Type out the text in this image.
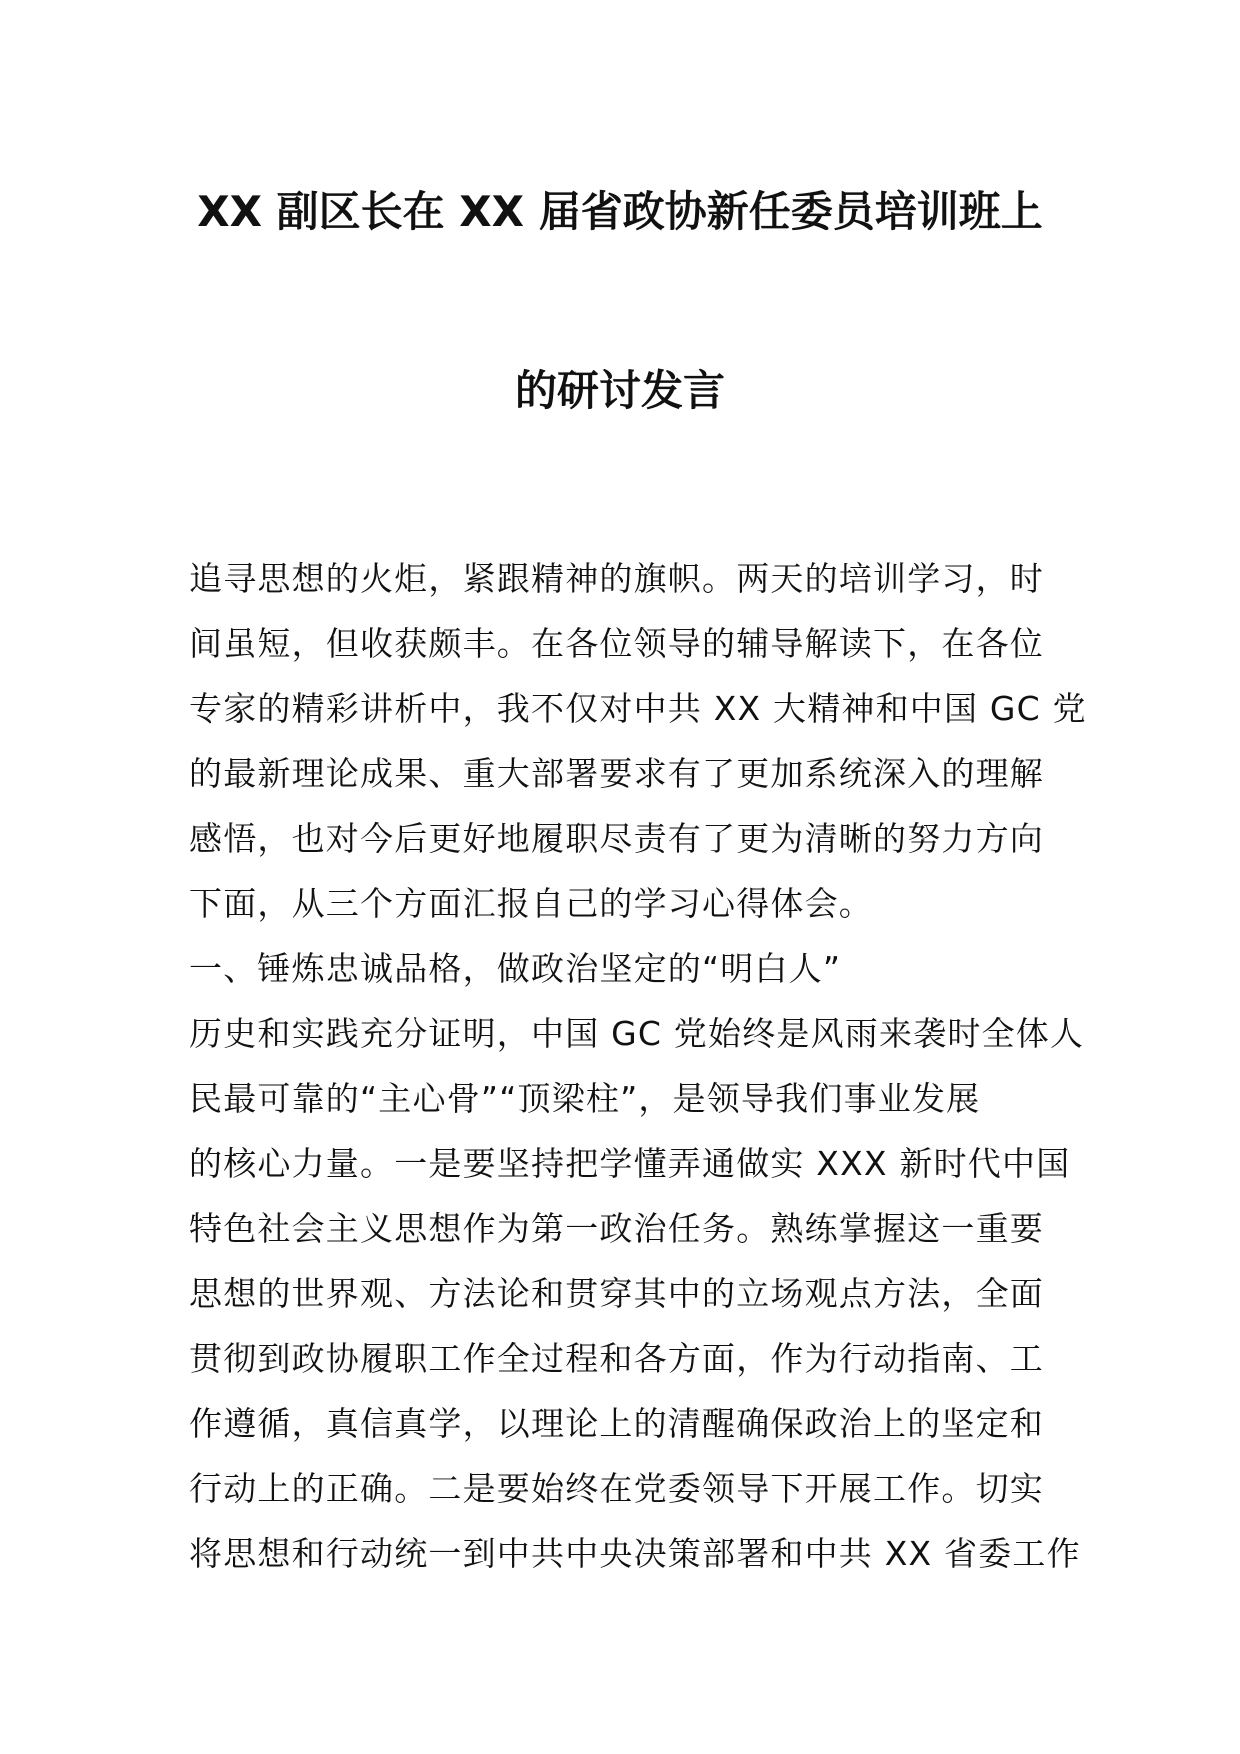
XX 副区长在 XX 届省政协新任委员培训班上
的研讨发言
追寻思想的火炬，紧跟精神的旗帜。两天的培训学习，时
间虽短，但收获颇丰。在各位领导的辅导解读下，在各位
专家的精彩讲析中，我不仅对中共 XX 大精神和中国 GC 党
的最新理论成果、重大部署要求有了更加系统深入的理解
感悟，也对今后更好地履职尽责有了更为清晰的努力方向
下面，从三个方面汇报自己的学习心得体会。
一、锤炼忠诚品格，做政治坚定的“明白人”
历史和实践充分证明，中国 GC 党始终是风雨来袭时全体人
民最可靠的“主心骨”“顶梁柱”，是领导我们事业发展
的核心力量。一是要坚持把学懂弄通做实 XXX 新时代中国
特色社会主义思想作为第一政治任务。熟练掌握这一重要
思想的世界观、方法论和贯穿其中的立场观点方法，全面
贯彻到政协履职工作全过程和各方面，作为行动指南、工
作遵循，真信真学，以理论上的清醒确保政治上的坚定和
行动上的正确。二是要始终在党委领导下开展工作。切实
将思想和行动统一到中共中央决策部署和中共 XX 省委工作
